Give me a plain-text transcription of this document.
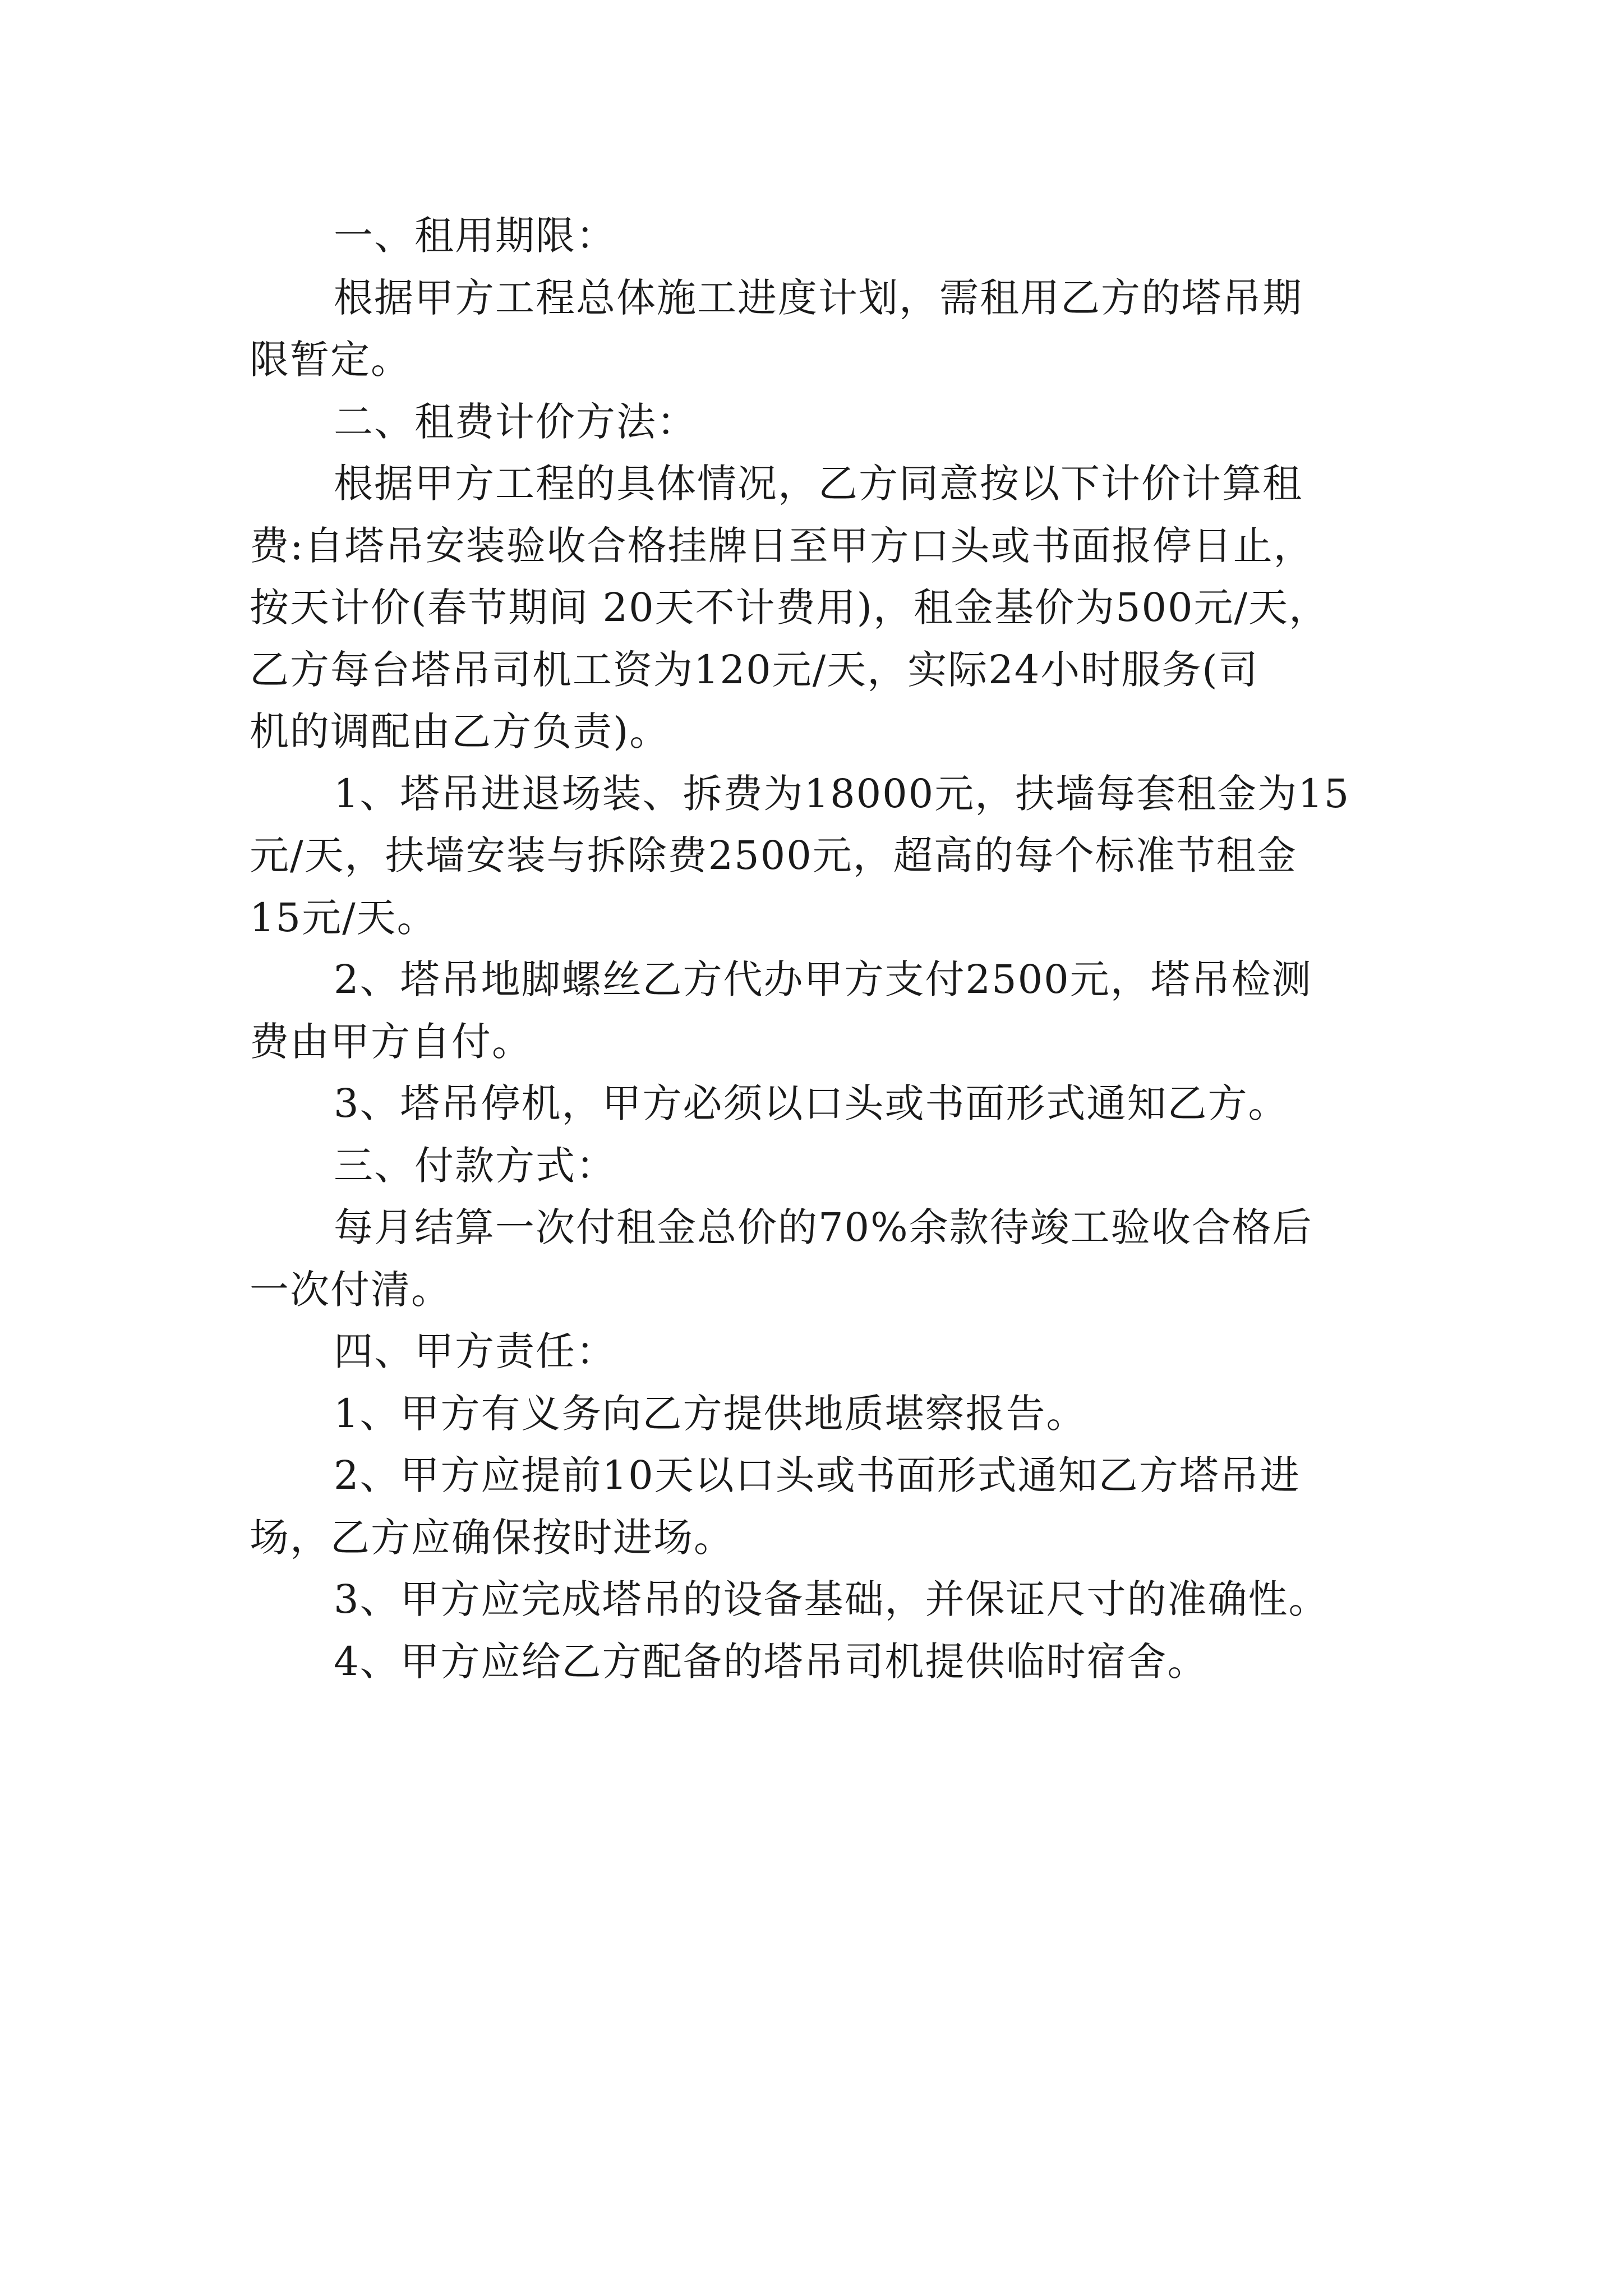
一、租用期限：
根据甲方工程总体施工进度计划，需租用乙方的塔吊期
限暂定。
二、租费计价方法：
根据甲方工程的具体情况，乙方同意按以下计价计算租
费:自塔吊安装验收合格挂牌日至甲方口头或书面报停日止，
按天计价(春节期间 20天不计费用)，租金基价为500元/天，
乙方每台塔吊司机工资为120元/天，实际24小时服务(司
机的调配由乙方负责)。
1、塔吊进退场装、拆费为18000元，扶墙每套租金为15
元/天，扶墙安装与拆除费2500元，超高的每个标准节租金
15元/天。
2、塔吊地脚螺丝乙方代办甲方支付2500元，塔吊检测
费由甲方自付。
3、塔吊停机，甲方必须以口头或书面形式通知乙方。
三、付款方式：
每月结算一次付租金总价的70%余款待竣工验收合格后
一次付清。
四、甲方责任：
1、甲方有义务向乙方提供地质堪察报告。
2、甲方应提前10天以口头或书面形式通知乙方塔吊进
场，乙方应确保按时进场。
3、甲方应完成塔吊的设备基础，并保证尺寸的准确性。
4、甲方应给乙方配备的塔吊司机提供临时宿舍。
